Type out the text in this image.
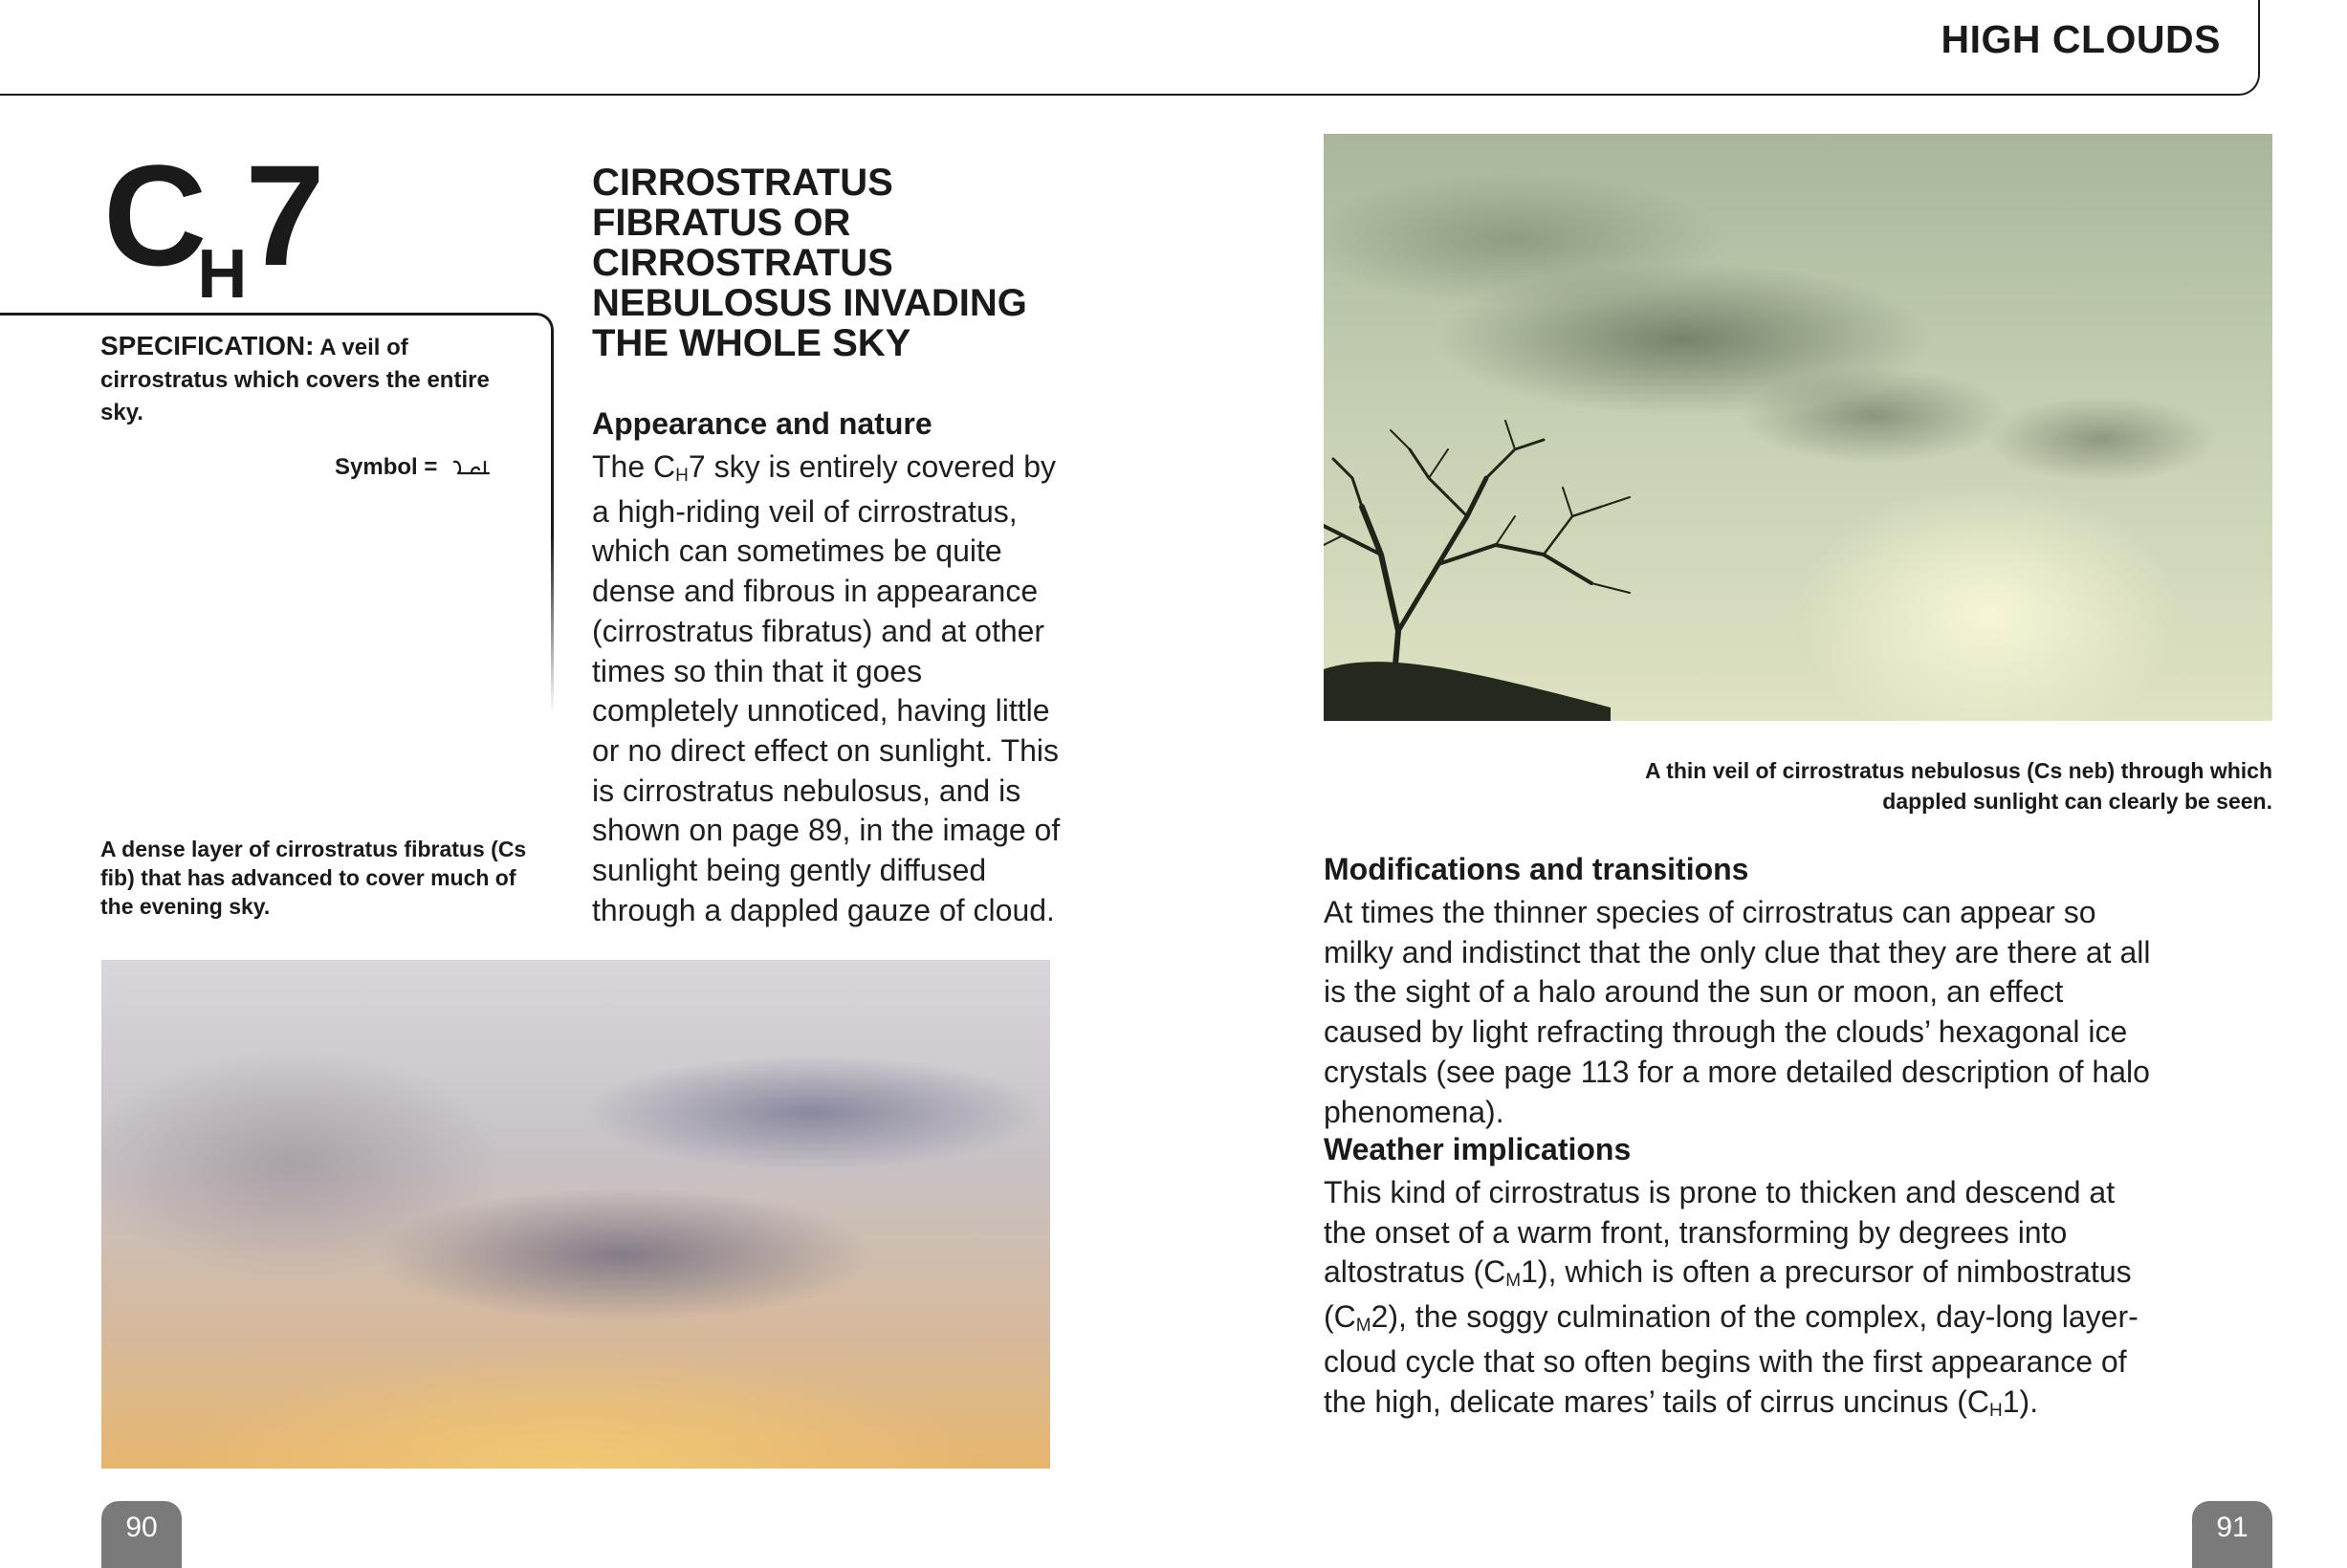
HIGH CLOUDS
$C_H7$
SPECIFICATION: A veil of cirrostratus which covers the entire sky.
Symbol =
A dense layer of cirrostratus fibratus (Cs fib) that has advanced to cover much of the evening sky.
CIRROSTRATUS FIBRATUS OR CIRROSTRATUS NEBULOSUS INVADING THE WHOLE SKY
Appearance and nature
The CH7 sky is entirely covered by a high-riding veil of cirrostratus, which can sometimes be quite dense and fibrous in appearance (cirrostratus fibratus) and at other times so thin that it goes completely unnoticed, having little or no direct effect on sunlight. This is cirrostratus nebulosus, and is shown on page 89, in the image of sunlight being gently diffused through a dappled gauze of cloud.
A thin veil of cirrostratus nebulosus (Cs neb) through which dappled sunlight can clearly be seen.
Modifications and transitions
At times the thinner species of cirrostratus can appear so milky and indistinct that the only clue that they are there at all is the sight of a halo around the sun or moon, an effect caused by light refracting through the clouds’ hexagonal ice crystals (see page 113 for a more detailed description of halo phenomena).
Weather implications
This kind of cirrostratus is prone to thicken and descend at the onset of a warm front, transforming by degrees into altostratus (CM1), which is often a precursor of nimbostratus (CM2), the soggy culmination of the complex, day-long layer-cloud cycle that so often begins with the first appearance of the high, delicate mares’ tails of cirrus uncinus (CH1).
90	91
